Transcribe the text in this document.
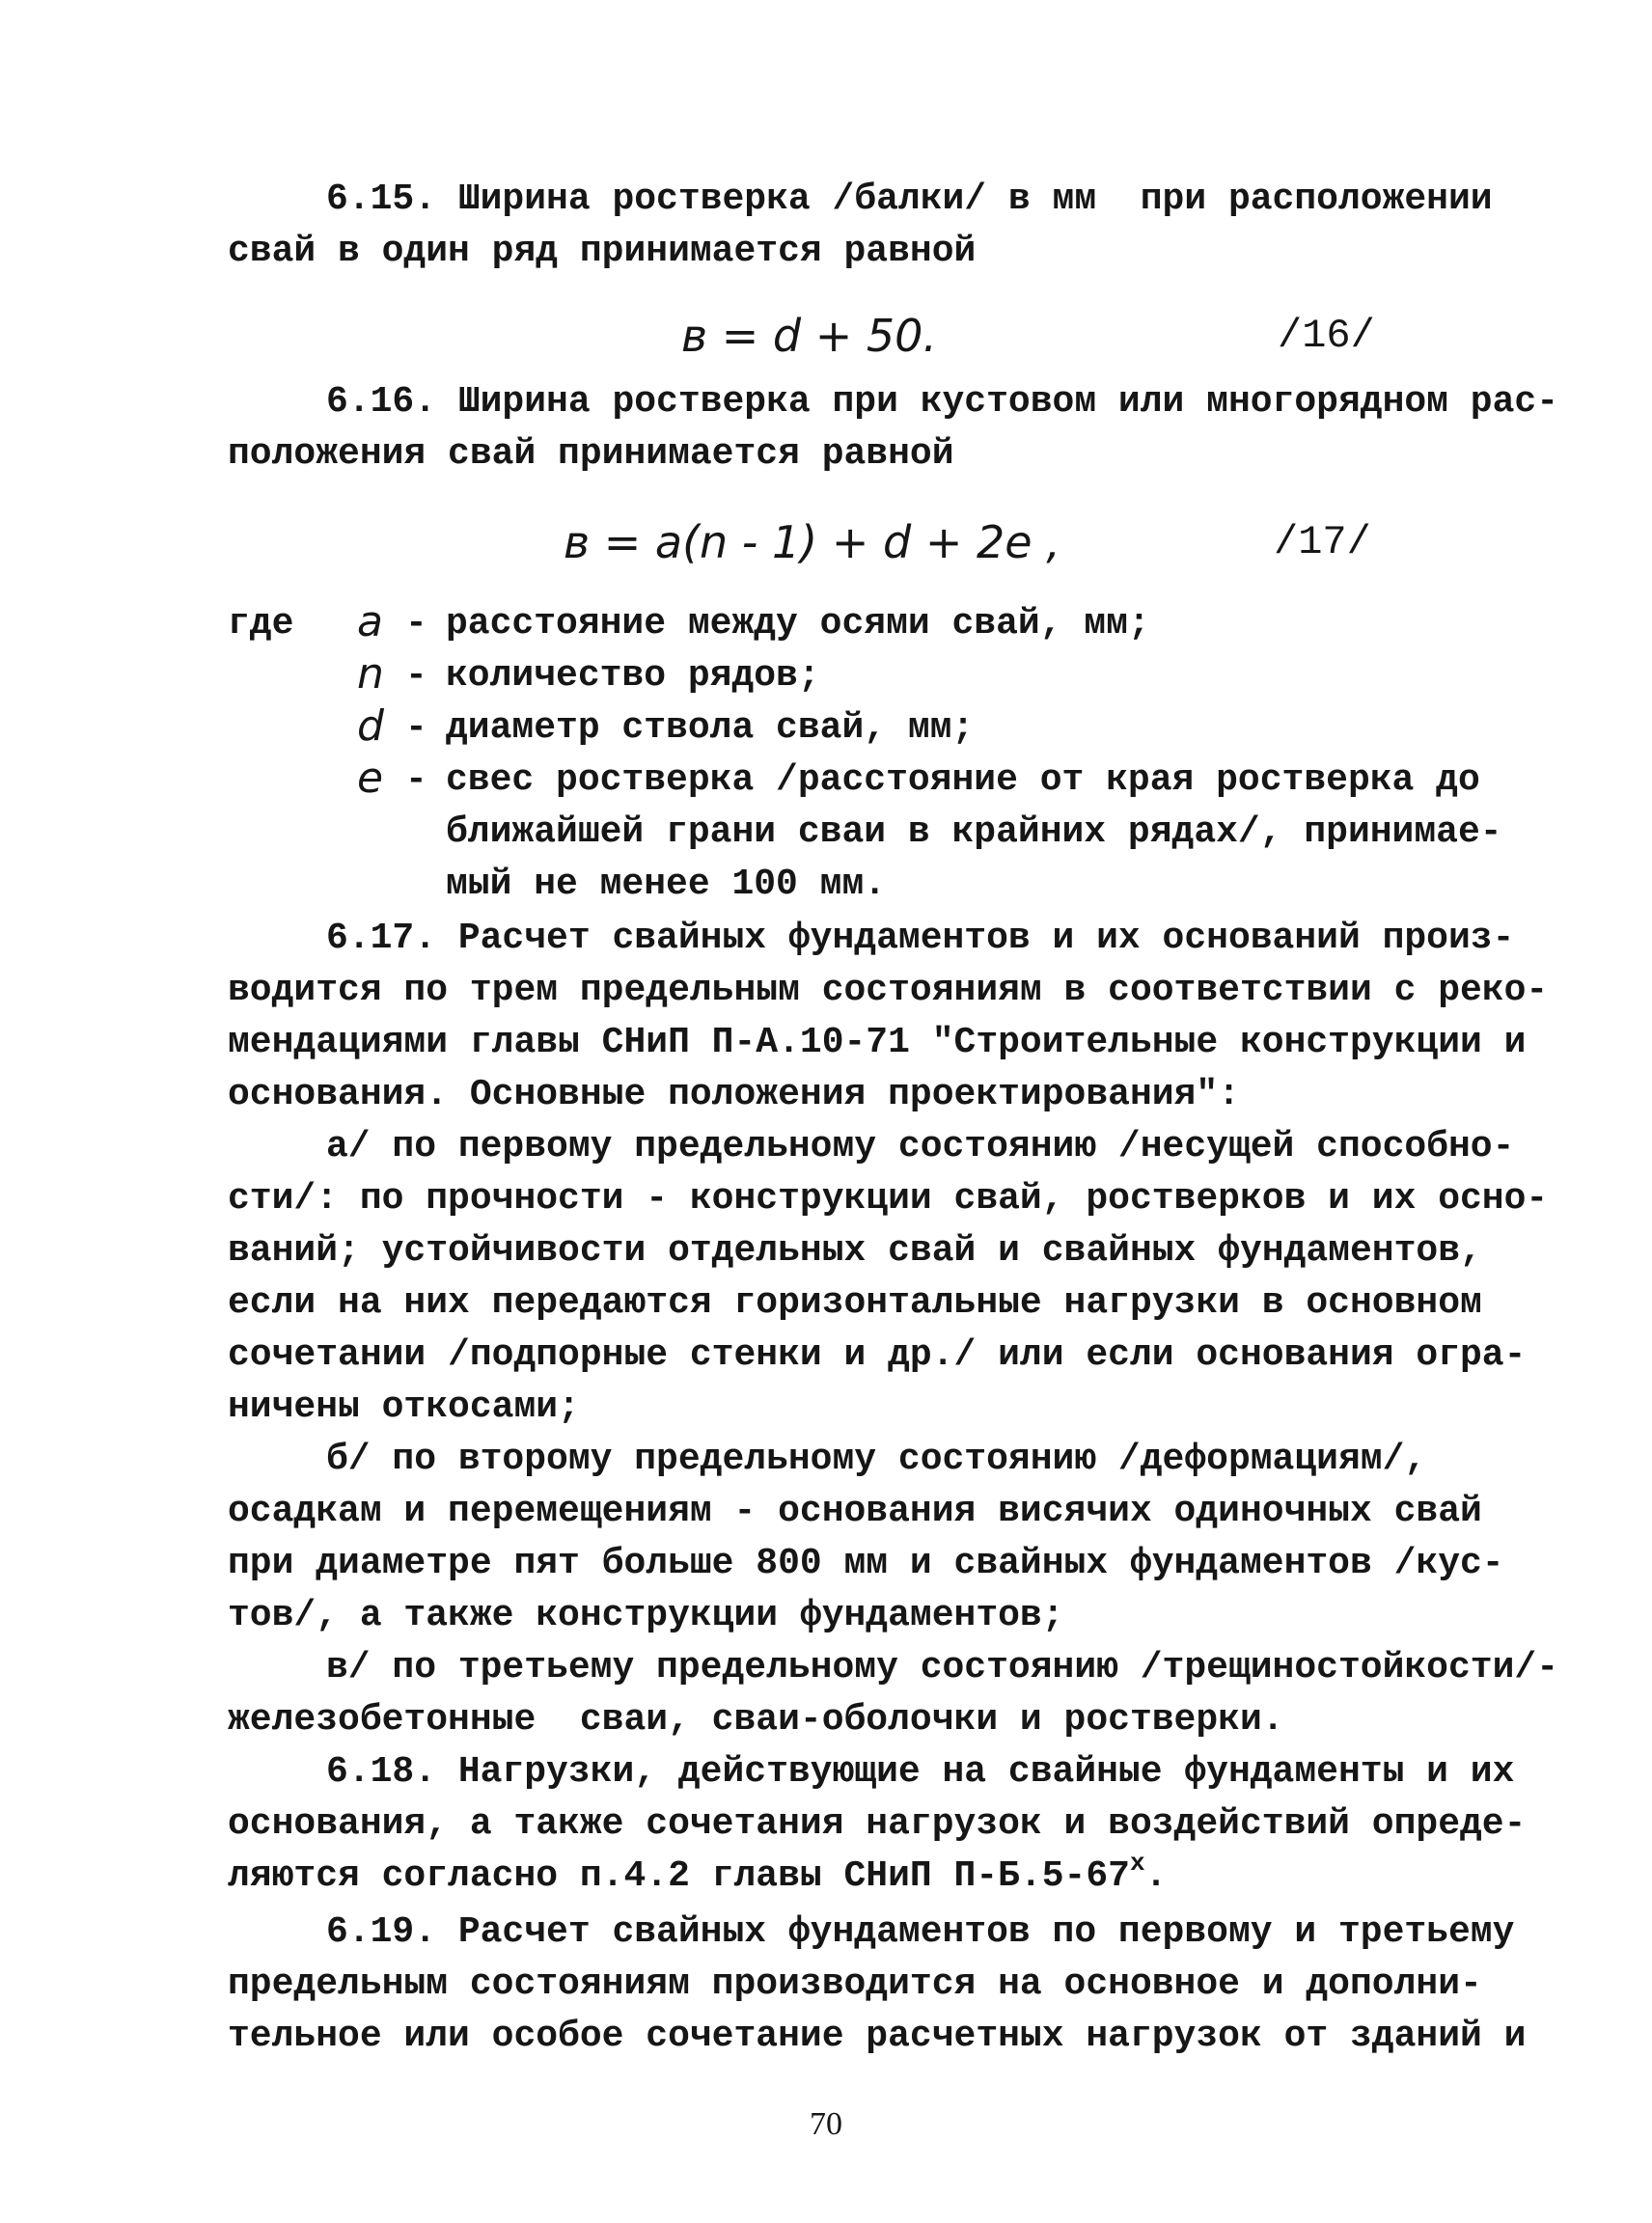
6.15. Ширина ростверка /балки/ в мм  при расположении
свай в один ряд принимается равной
в = d + 50.	/16/
6.16. Ширина ростверка при кустовом или многорядном рас-
положения свай принимается равной
в = a(n - 1) + d + 2e ,	/17/
где a - расстояние между осями свай, мм;
n - количество рядов;
d - диаметр ствола свай, мм;
e - свес ростверка /расстояние от края ростверка до
ближайшей грани сваи в крайних рядах/, принимае-
мый не менее 100 мм.
6.17. Расчет свайных фундаментов и их оснований произ-
водится по трем предельным состояниям в соответствии с реко-
мендациями главы СНиП П-А.10-71 "Строительные конструкции и
основания. Основные положения проектирования":
а/ по первому предельному состоянию /несущей способно-
сти/: по прочности - конструкции свай, ростверков и их осно-
ваний; устойчивости отдельных свай и свайных фундаментов,
если на них передаются горизонтальные нагрузки в основном
сочетании /подпорные стенки и др./ или если основания огра-
ничены откосами;
б/ по второму предельному состоянию /деформациям/,
осадкам и перемещениям - основания висячих одиночных свай
при диаметре пят больше 800 мм и свайных фундаментов /кус-
тов/, а также конструкции фундаментов;
в/ по третьему предельному состоянию /трещиностойкости/-
железобетонные  сваи, сваи-оболочки и ростверки.
6.18. Нагрузки, действующие на свайные фундаменты и их
основания, а также сочетания нагрузок и воздействий опреде-
ляются согласно п.4.2 главы СНиП $П-Б.5-67^х$.
6.19. Расчет свайных фундаментов по первому и третьему
предельным состояниям производится на основное и дополни-
тельное или особое сочетание расчетных нагрузок от зданий и
70
